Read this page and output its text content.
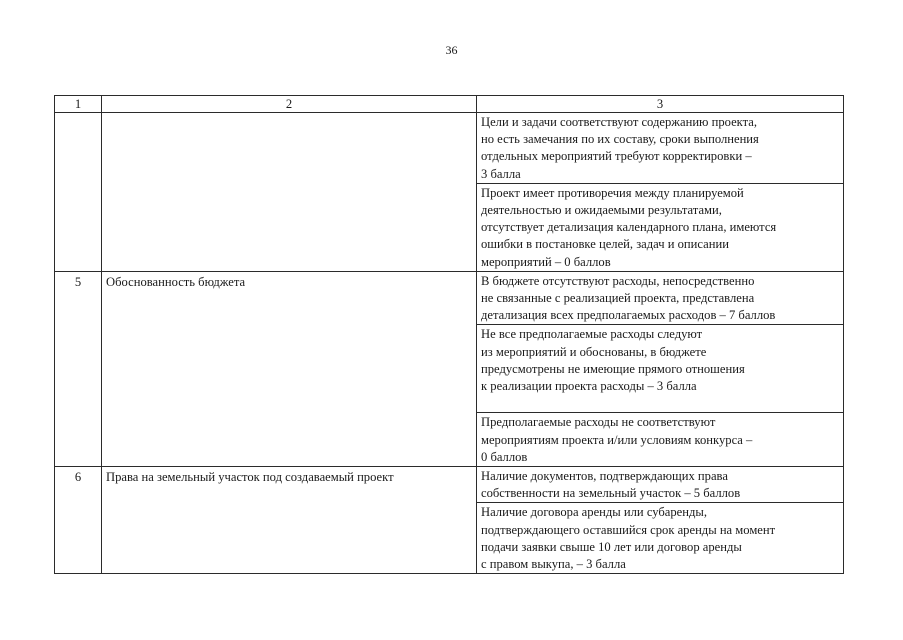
36
1	2	3
		Цели и задачи соответствуют содержанию проекта,
но есть замечания по их составу, сроки выполнения
отдельных мероприятий требуют корректировки –
3 балла
		Проект имеет противоречия между планируемой
деятельностью и ожидаемыми результатами,
отсутствует детализация календарного плана, имеются
ошибки в постановке целей, задач и описании
мероприятий – 0 баллов
5	Обоснованность бюджета	В бюджете отсутствуют расходы, непосредственно
не связанные с реализацией проекта, представлена
детализация всех предполагаемых расходов – 7 баллов
		Не все предполагаемые расходы следуют
из мероприятий и обоснованы, в бюджете
предусмотрены не имеющие прямого отношения
к реализации проекта расходы – 3 балла
		Предполагаемые расходы не соответствуют
мероприятиям проекта и/или условиям конкурса –
0 баллов
6	Права на земельный участок под создаваемый проект	Наличие документов, подтверждающих права
собственности на земельный участок – 5 баллов
		Наличие договора аренды или субаренды,
подтверждающего оставшийся срок аренды на момент
подачи заявки свыше 10 лет или договор аренды
с правом выкупа, – 3 балла
